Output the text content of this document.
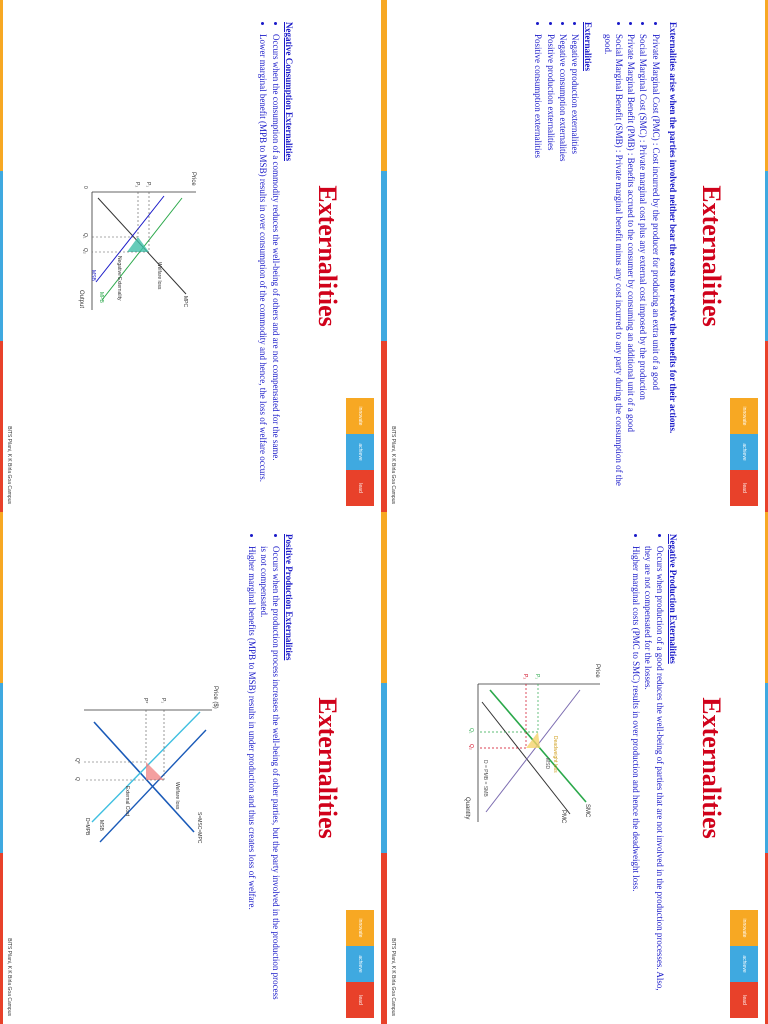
Externalities
innovate
achieve
lead
Externalities arise when the parties involved neither bear the costs nor receive the benefits for their actions.
• Private Marginal Cost (PMC) : Cost incurred by the producer for producing an extra unit of a good
• Social Marginal Cost (SMC) : Private marginal cost plus any external cost imposed by the production
• Private Marginal Benefit (PMB) : Benefits accrued to the consumer by consuming an additional unit of a good
• Social Marginal Benefit (SMB) : Private marginal benefit minus any cost incurred to any party during the consumption of the good.
Externalities
• Negative production externalities
• Negative consumption externalities
• Positive production externalities
• Positive consumption externalities
BITS Pilani, K K Birla Goa Campus
Externalities
innovate
achieve
lead
Negative Production Externalities
• Occurs when production of a good reduces the well-being of parties that are not involved in the production processes. Also, they are not compensated for the losses.
• Higher marginal costs (PMC to SMC) results in over production and hence the deadweight loss.
Price
Quantity	SMC
PMC
D = PMB = SMB	MSD Deadweight loss
P₁
P₂
Q₁
Q₂
BITS Pilani, K K Birla Goa Campus
Externalities
innovate
achieve
lead
Negative Consumption Externalities
• Occurs when the consumption of a commodity reduces the well-being of others and are not compensated for the same.
• Lower marginal benefit (MPB to MSB) results in over consumption of the commodity and hence, the loss of welfare occurs.
Price
Output	MPC
MPB
MSB	Welfare loss
Negative Externality
P₁
P₂
Q₁
Q₂
0
BITS Pilani, K K Birla Goa Campus
Externalities
innovate
achieve
lead
Positive Production Externalities
• Occurs when the production process increases the well-being of other parties, but the party involved in the production process is not compensated.
• Higher marginal benefits (MPB to MSB) results in under production and thus creates loss of welfare.
Price ($)
S=MSC=MPC
MSB
D=MPB
Welfare loss
External Cost
P₁
P*
Q*
Q
BITS Pilani, K K Birla Goa Campus
